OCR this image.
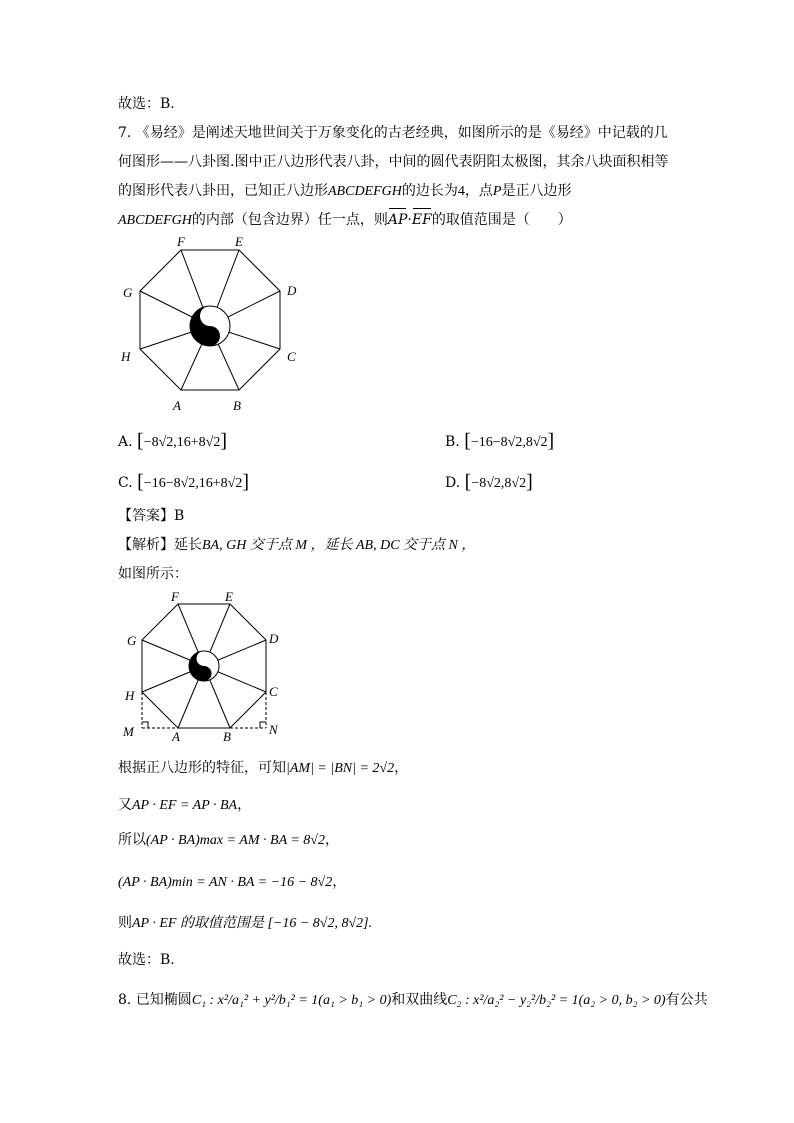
故选：B.
7. 《易经》是阐述天地世间关于万象变化的古老经典，如图所示的是《易经》中记载的几
何图形——八卦图.图中正八边形代表八卦，中间的圆代表阴阳太极图，其余八块面积相等
的图形代表八卦田，已知正八边形ABCDEFGH的边长为4，点P是正八边形
ABCDEFGH的内部（包含边界）任一点，则AP·EF的取值范围是（　　）
F	E
G	D
H	C
A	B
A. [−8√2,16+8√2]	B. [−16−8√2,8√2]
C. [−16−8√2,16+8√2]	D. [−8√2,8√2]
【答案】B
【解析】延长BA, GH 交于点 M ，延长 AB, DC 交于点 N ，
如图所示：
F	E
G	D
H	C
M	A	B	N
根据正八边形的特征，可知|AM| = |BN| = 2√2，
又AP · EF = AP · BA，
所以(AP · BA)max = AM · BA = 8√2，
(AP · BA)min = AN · BA = −16 − 8√2，
则AP · EF 的取值范围是 [−16 − 8√2, 8√2].
故选：B.
8. 已知椭圆C₁ : x²/a₁² + y²/b₁² = 1(a₁ > b₁ > 0)和双曲线C₂ : x²/a₂² − y₂²/b₂² = 1(a₂ > 0, b₂ > 0)有公共
